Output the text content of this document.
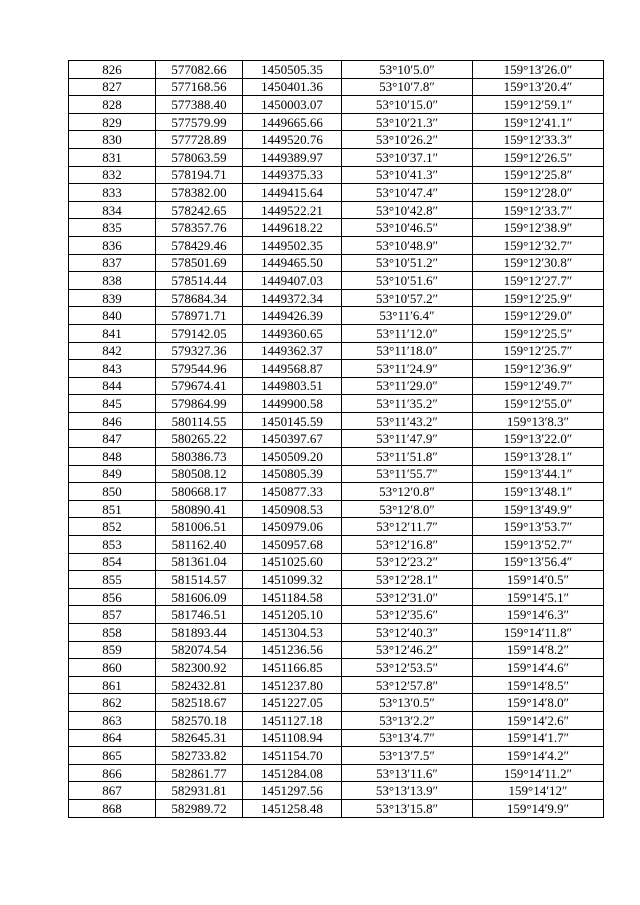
826	577082.66	1450505.35	53°10′5.0″	159°13′26.0″
827	577168.56	1450401.36	53°10′7.8″	159°13′20.4″
828	577388.40	1450003.07	53°10′15.0″	159°12′59.1″
829	577579.99	1449665.66	53°10′21.3″	159°12′41.1″
830	577728.89	1449520.76	53°10′26.2″	159°12′33.3″
831	578063.59	1449389.97	53°10′37.1″	159°12′26.5″
832	578194.71	1449375.33	53°10′41.3″	159°12′25.8″
833	578382.00	1449415.64	53°10′47.4″	159°12′28.0″
834	578242.65	1449522.21	53°10′42.8″	159°12′33.7″
835	578357.76	1449618.22	53°10′46.5″	159°12′38.9″
836	578429.46	1449502.35	53°10′48.9″	159°12′32.7″
837	578501.69	1449465.50	53°10′51.2″	159°12′30.8″
838	578514.44	1449407.03	53°10′51.6″	159°12′27.7″
839	578684.34	1449372.34	53°10′57.2″	159°12′25.9″
840	578971.71	1449426.39	53°11′6.4″	159°12′29.0″
841	579142.05	1449360.65	53°11′12.0″	159°12′25.5″
842	579327.36	1449362.37	53°11′18.0″	159°12′25.7″
843	579544.96	1449568.87	53°11′24.9″	159°12′36.9″
844	579674.41	1449803.51	53°11′29.0″	159°12′49.7″
845	579864.99	1449900.58	53°11′35.2″	159°12′55.0″
846	580114.55	1450145.59	53°11′43.2″	159°13′8.3″
847	580265.22	1450397.67	53°11′47.9″	159°13′22.0″
848	580386.73	1450509.20	53°11′51.8″	159°13′28.1″
849	580508.12	1450805.39	53°11′55.7″	159°13′44.1″
850	580668.17	1450877.33	53°12′0.8″	159°13′48.1″
851	580890.41	1450908.53	53°12′8.0″	159°13′49.9″
852	581006.51	1450979.06	53°12′11.7″	159°13′53.7″
853	581162.40	1450957.68	53°12′16.8″	159°13′52.7″
854	581361.04	1451025.60	53°12′23.2″	159°13′56.4″
855	581514.57	1451099.32	53°12′28.1″	159°14′0.5″
856	581606.09	1451184.58	53°12′31.0″	159°14′5.1″
857	581746.51	1451205.10	53°12′35.6″	159°14′6.3″
858	581893.44	1451304.53	53°12′40.3″	159°14′11.8″
859	582074.54	1451236.56	53°12′46.2″	159°14′8.2″
860	582300.92	1451166.85	53°12′53.5″	159°14′4.6″
861	582432.81	1451237.80	53°12′57.8″	159°14′8.5″
862	582518.67	1451227.05	53°13′0.5″	159°14′8.0″
863	582570.18	1451127.18	53°13′2.2″	159°14′2.6″
864	582645.31	1451108.94	53°13′4.7″	159°14′1.7″
865	582733.82	1451154.70	53°13′7.5″	159°14′4.2″
866	582861.77	1451284.08	53°13′11.6″	159°14′11.2″
867	582931.81	1451297.56	53°13′13.9″	159°14′12″
868	582989.72	1451258.48	53°13′15.8″	159°14′9.9″
